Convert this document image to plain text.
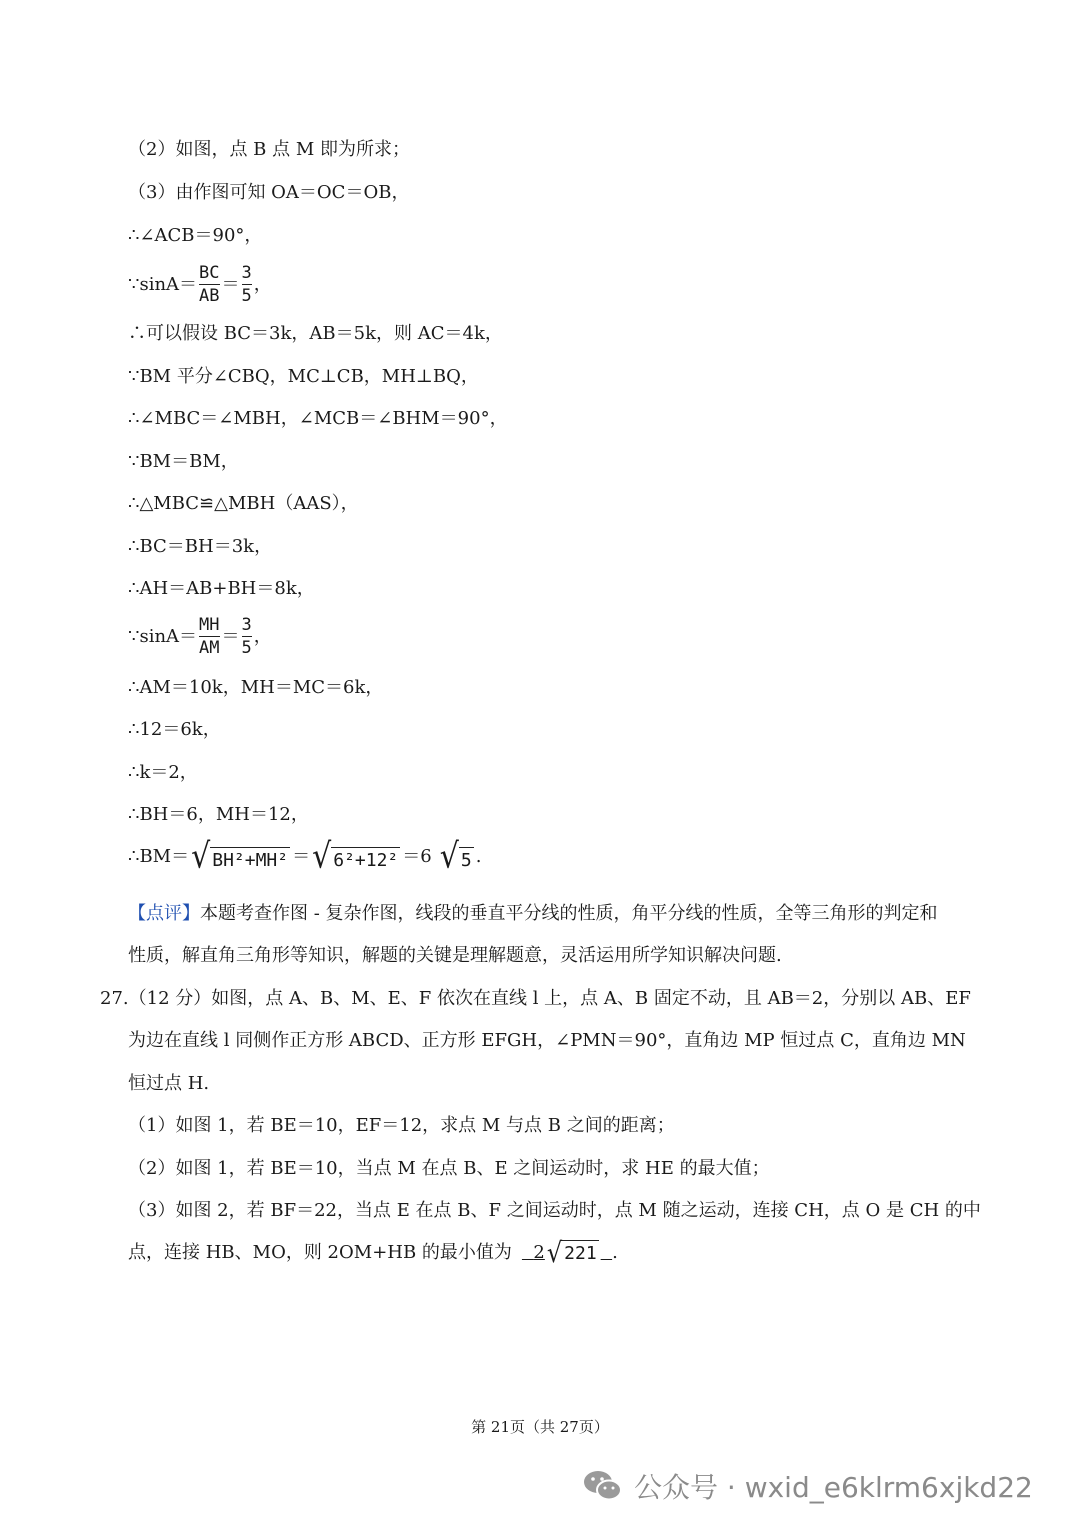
（2）如图，点 B 点 M 即为所求；
（3）由作图可知 OA＝OC＝OB，
∴∠ACB＝90°，
∵sinA＝ $\frac{BC}{AB} = \frac{3}{5}$ ，
∴可以假设 BC＝3k，AB＝5k，则 AC＝4k，
∵BM 平分∠CBQ，MC⊥CB，MH⊥BQ，
∴∠MBC＝∠MBH，∠MCB＝∠BHM＝90°，
∵BM＝BM，
∴△MBC≌△MBH（AAS），
∴BC＝BH＝3k，
∴AH＝AB+BH＝8k，
∵sinA＝ $\frac{MH}{AM} = \frac{3}{5}$ ，
∴AM＝10k，MH＝MC＝6k，
∴12＝6k，
∴k＝2，
∴BH＝6，MH＝12，
∴BM＝ √ BH²+MH² ＝ √ 6²+12² ＝6 √ 5 .
【点评】 本题考查作图 - 复杂作图，线段的垂直平分线的性质，角平分线的性质，全等三角形的判定和
性质，解直角三角形等知识，解题的关键是理解题意，灵活运用所学知识解决问题.
27.（12 分）如图，点 A、B、M、E、F 依次在直线 l 上，点 A、B 固定不动，且 AB＝2，分别以 AB、EF
为边在直线 l 同侧作正方形 ABCD、正方形 EFGH，∠PMN＝90°，直角边 MP 恒过点 C，直角边 MN
恒过点 H.
（1）如图 1，若 BE＝10，EF＝12，求点 M 与点 B 之间的距离；
（2）如图 1，若 BE＝10，当点 M 在点 B、E 之间运动时，求 HE 的最大值；
（3）如图 2，若 BF＝22，当点 E 在点 B、F 之间运动时，点 M 随之运动，连接 CH，点 O 是 CH 的中
点，连接 HB、MO，则 2OM+HB 的最小值为	2 √ 221
.
第 21页（共 27页）
公众号 · wxid_e6klrm6xjkd22
